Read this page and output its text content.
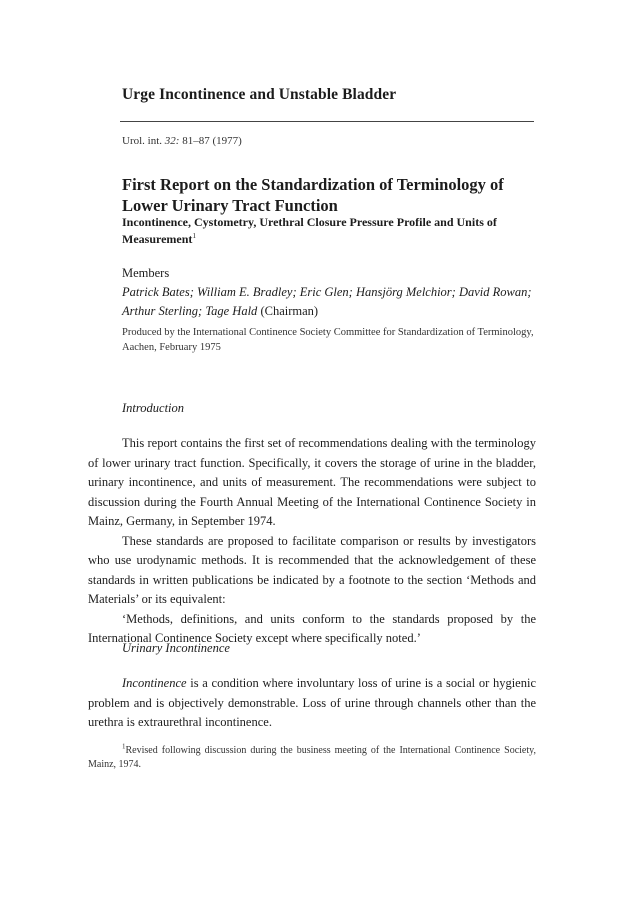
Urge Incontinence and Unstable Bladder
Urol. int. 32: 81–87 (1977)
First Report on the Standardization of Terminology of Lower Urinary Tract Function
Incontinence, Cystometry, Urethral Closure Pressure Profile and Units of Measurement$^1$
Members
Patrick Bates; William E. Bradley; Eric Glen; Hansjörg Melchior; David Rowan; Arthur Sterling; Tage Hald (Chairman)
Produced by the International Continence Society Committee for Standardization of Terminology, Aachen, February 1975
Introduction

This report contains the first set of recommendations dealing with the terminology of lower urinary tract function. Specifically, it covers the storage of urine in the bladder, urinary incontinence, and units of measurement. The recommendations were subject to discussion during the Fourth Annual Meeting of the International Continence Society in Mainz, Germany, in September 1974.

These standards are proposed to facilitate comparison or results by investigators who use urodynamic methods. It is recommended that the acknowledgement of these standards in written publications be indicated by a footnote to the section ‘Methods and Materials’ or its equivalent:

‘Methods, definitions, and units conform to the standards proposed by the International Continence Society except where specifically noted.’

Urinary Incontinence

Incontinence is a condition where involuntary loss of urine is a social or hygienic problem and is objectively demonstrable. Loss of urine through channels other than the urethra is extraurethral incontinence.

$^1$Revised following discussion during the business meeting of the International Continence Society, Mainz, 1974.
